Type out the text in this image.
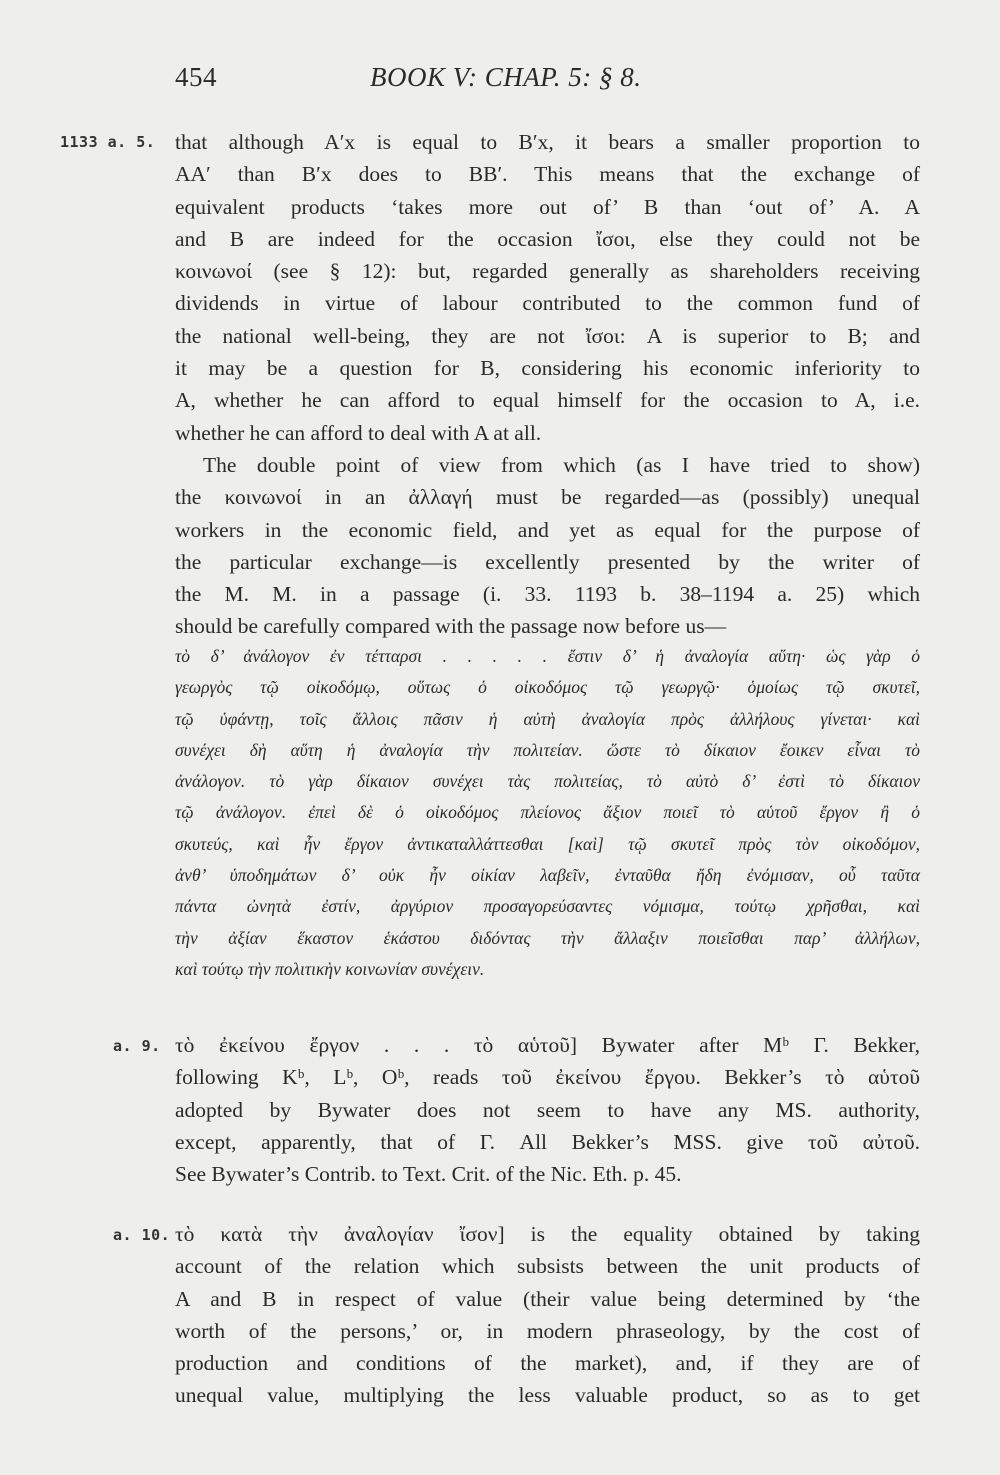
454	BOOK V: CHAP. 5: § 8.
1133 a. 5. that although A′x is equal to B′x, it bears a smaller proportion to
AA′ than B′x does to BB′. This means that the exchange of
equivalent products ‘takes more out of’ B than ‘out of’ A. A
and B are indeed for the occasion ἴσοι, else they could not be
κοινωνοί (see § 12): but, regarded generally as shareholders receiving
dividends in virtue of labour contributed to the common fund of
the national well-being, they are not ἴσοι: A is superior to B; and
it may be a question for B, considering his economic inferiority to
A, whether he can afford to equal himself for the occasion to A, i.e.
whether he can afford to deal with A at all.
The double point of view from which (as I have tried to show)
the κοινωνοί in an ἀλλαγή must be regarded—as (possibly) unequal
workers in the economic field, and yet as equal for the purpose of
the particular exchange—is excellently presented by the writer of
the M. M. in a passage (i. 33. 1193 b. 38–1194 a. 25) which
should be carefully compared with the passage now before us—
τὸ δ’ ἀνάλογον ἐν τέτταρσι . . . . . ἔστιν δ’ ἡ ἀναλογία αὕτη· ὡς γὰρ ὁ
γεωργὸς τῷ οἰκοδόμῳ, οὕτως ὁ οἰκοδόμος τῷ γεωργῷ· ὁμοίως τῷ σκυτεῖ,
τῷ ὑφάντῃ, τοῖς ἄλλοις πᾶσιν ἡ αὐτὴ ἀναλογία πρὸς ἀλλήλους γίνεται· καὶ
συνέχει δὴ αὕτη ἡ ἀναλογία τὴν πολιτείαν. ὥστε τὸ δίκαιον ἔοικεν εἶναι τὸ
ἀνάλογον. τὸ γὰρ δίκαιον συνέχει τὰς πολιτείας, τὸ αὐτὸ δ’ ἐστὶ τὸ δίκαιον
τῷ ἀνάλογον. ἐπεὶ δὲ ὁ οἰκοδόμος πλείονος ἄξιον ποιεῖ τὸ αὑτοῦ ἔργον ἢ ὁ
σκυτεύς, καὶ ἦν ἔργον ἀντικαταλλάττεσθαι [καὶ] τῷ σκυτεῖ πρὸς τὸν οἰκοδόμον,
ἀνθ’ ὑποδημάτων δ’ οὐκ ἦν οἰκίαν λαβεῖν, ἐνταῦθα ἤδη ἐνόμισαν, οὗ ταῦτα
πάντα ὠνητὰ ἐστίν, ἀργύριον προσαγορεύσαντες νόμισμα, τούτῳ χρῆσθαι, καὶ
τὴν ἀξίαν ἕκαστον ἑκάστου διδόντας τὴν ἄλλαξιν ποιεῖσθαι παρ’ ἀλλήλων,
καὶ τούτῳ τὴν πολιτικὴν κοινωνίαν συνέχειν.
a. 9. τὸ ἐκείνου ἔργον . . . τὸ αὑτοῦ] Bywater after Mᵇ Γ. Bekker,
following Kᵇ, Lᵇ, Oᵇ, reads τοῦ ἐκείνου ἔργου. Bekker’s τὸ αὑτοῦ
adopted by Bywater does not seem to have any MS. authority,
except, apparently, that of Γ. All Bekker’s MSS. give τοῦ αὐτοῦ.
See Bywater’s Contrib. to Text. Crit. of the Nic. Eth. p. 45.
a. 10. τὸ κατὰ τὴν ἀναλογίαν ἴσον] is the equality obtained by taking
account of the relation which subsists between the unit products of
A and B in respect of value (their value being determined by ‘the
worth of the persons,’ or, in modern phraseology, by the cost of
production and conditions of the market), and, if they are of
unequal value, multiplying the less valuable product, so as to get
